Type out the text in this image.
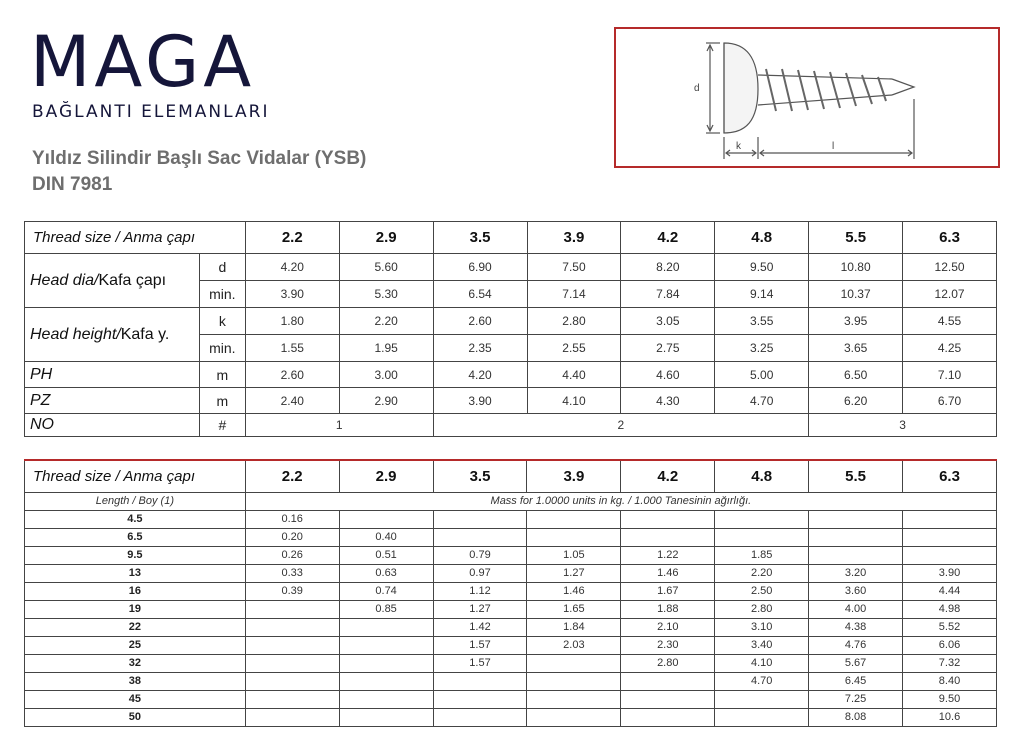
MAGA
BAĞLANTI ELEMANLARI
Yıldız Silindir Başlı Sac Vidalar (YSB)
DIN 7981
d
k	l
Thread size / Anma çapı		2.2	2.9	3.5	3.9	4.2	4.8	5.5	6.3
Head dia/Kafa çapı	d	4.20	5.60	6.90	7.50	8.20	9.50	10.80	12.50
	min.	3.90	5.30	6.54	7.14	7.84	9.14	10.37	12.07
Head height/Kafa y.	k	1.80	2.20	2.60	2.80	3.05	3.55	3.95	4.55
	min.	1.55	1.95	2.35	2.55	2.75	3.25	3.65	4.25
PH	m	2.60	3.00	4.20	4.40	4.60	5.00	6.50	7.10
PZ	m	2.40	2.90	3.90	4.10	4.30	4.70	6.20	6.70
NO	#	1		2				3	
Thread size / Anma çapı	2.2	2.9	3.5	3.9	4.2	4.8	5.5	6.3
Length / Boy (1)	Mass for 1.0000 units in kg. / 1.000 Tanesinin ağırlığı.							
4.5	0.16							
6.5	0.20	0.40						
9.5	0.26	0.51	0.79	1.05	1.22	1.85		
13	0.33	0.63	0.97	1.27	1.46	2.20	3.20	3.90
16	0.39	0.74	1.12	1.46	1.67	2.50	3.60	4.44
19		0.85	1.27	1.65	1.88	2.80	4.00	4.98
22			1.42	1.84	2.10	3.10	4.38	5.52
25			1.57	2.03	2.30	3.40	4.76	6.06
32			1.57		2.80	4.10	5.67	7.32
38						4.70	6.45	8.40
45							7.25	9.50
50							8.08	10.6
